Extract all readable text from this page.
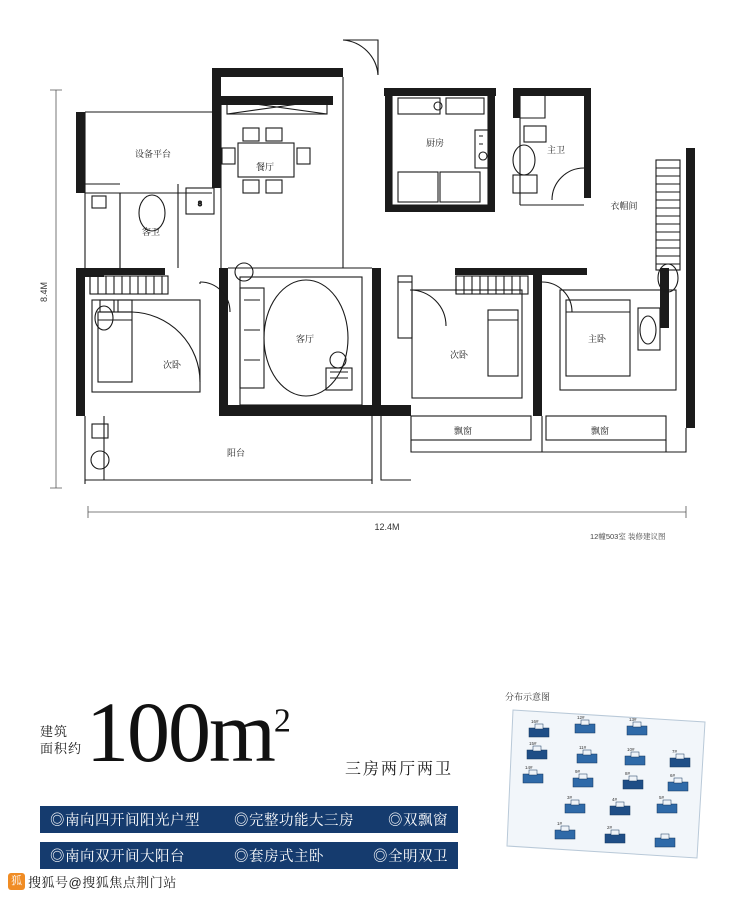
8
8.4M
12.4M
12幢503室 装修建议图
设备平台
餐厅
厨房
主卫
客卫
衣帽间
次卧
客厅
次卧
主卧
阳台
飘窗	飘窗
建筑
面积约 $100m^2$
三房两厅两卫
◎南向四开间阳光户型 ◎完整功能大三房 ◎双飘窗
◎南向双开间大阳台	◎套房式主卧	◎全明双卫
分布示意图
16#
12#	13#
15#
11#	10#	7#
14#
9#	8#	6#
3#	4#	5#
1#
2#
狐 搜狐号@搜狐焦点荆门站
